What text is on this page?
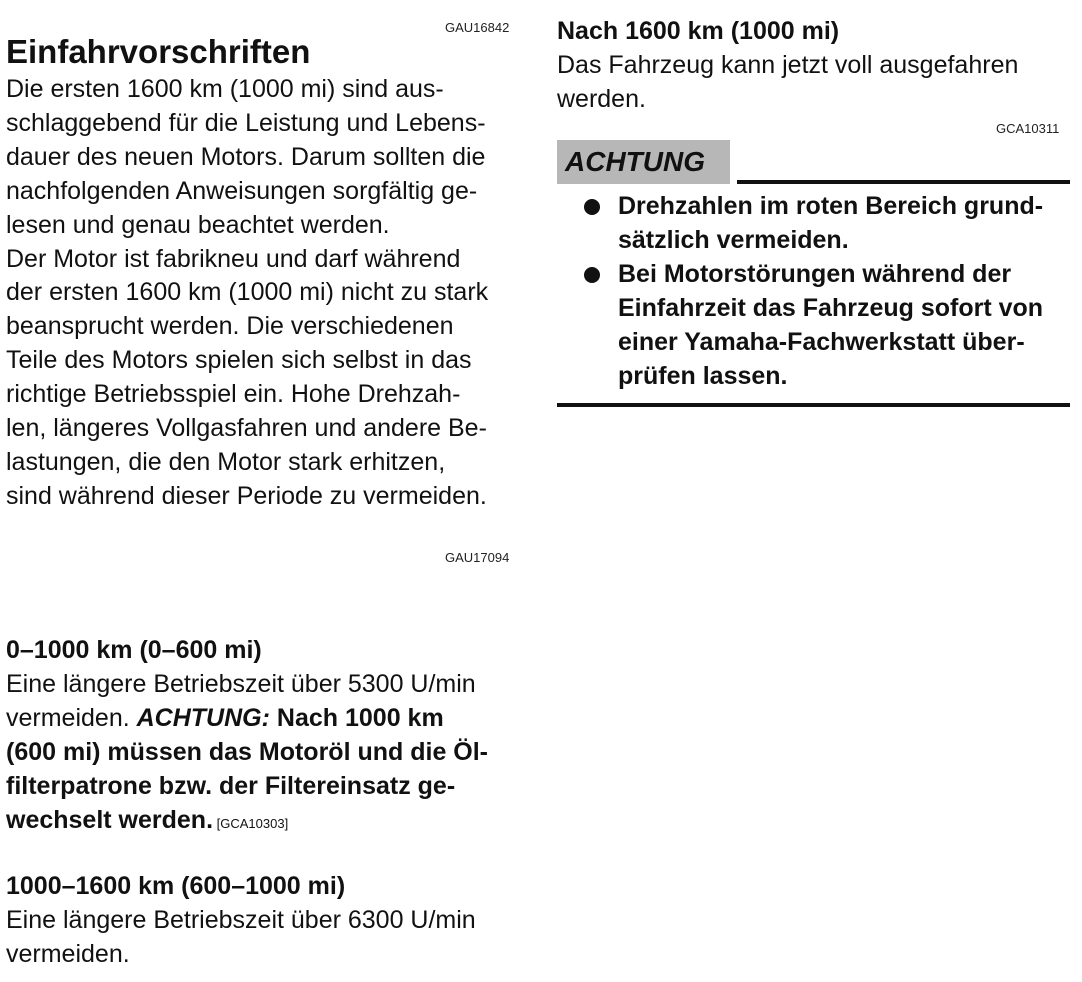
GAU16842
Einfahrvorschriften

Die ersten 1600 km (1000 mi) sind aus-

schlaggebend für die Leistung und Lebens-

dauer des neuen Motors. Darum sollten die

nachfolgenden Anweisungen sorgfältig ge-

lesen und genau beachtet werden.

Der Motor ist fabrikneu und darf während

der ersten 1600 km (1000 mi) nicht zu stark

beansprucht werden. Die verschiedenen

Teile des Motors spielen sich selbst in das

richtige Betriebsspiel ein. Hohe Drehzah-

len, längeres Vollgasfahren und andere Be-

lastungen, die den Motor stark erhitzen,

sind während dieser Periode zu vermeiden.

GAU17094

0–1000 km (0–600 mi)

Eine längere Betriebszeit über 5300 U/min

vermeiden. ACHTUNG: Nach 1000 km

(600 mi) müssen das Motoröl und die Öl-

filterpatrone bzw. der Filtereinsatz ge-

wechselt werden. [GCA10303]

1000–1600 km (600–1000 mi)

Eine längere Betriebszeit über 6300 U/min

vermeiden.

Nach 1600 km (1000 mi)

Das Fahrzeug kann jetzt voll ausgefahren

werden.

GCA10311
ACHTUNG
Drehzahlen im roten Bereich grund-
sätzlich vermeiden.
Bei Motorstörungen während der
Einfahrzeit das Fahrzeug sofort von
einer Yamaha-Fachwerkstatt über-
prüfen lassen.
